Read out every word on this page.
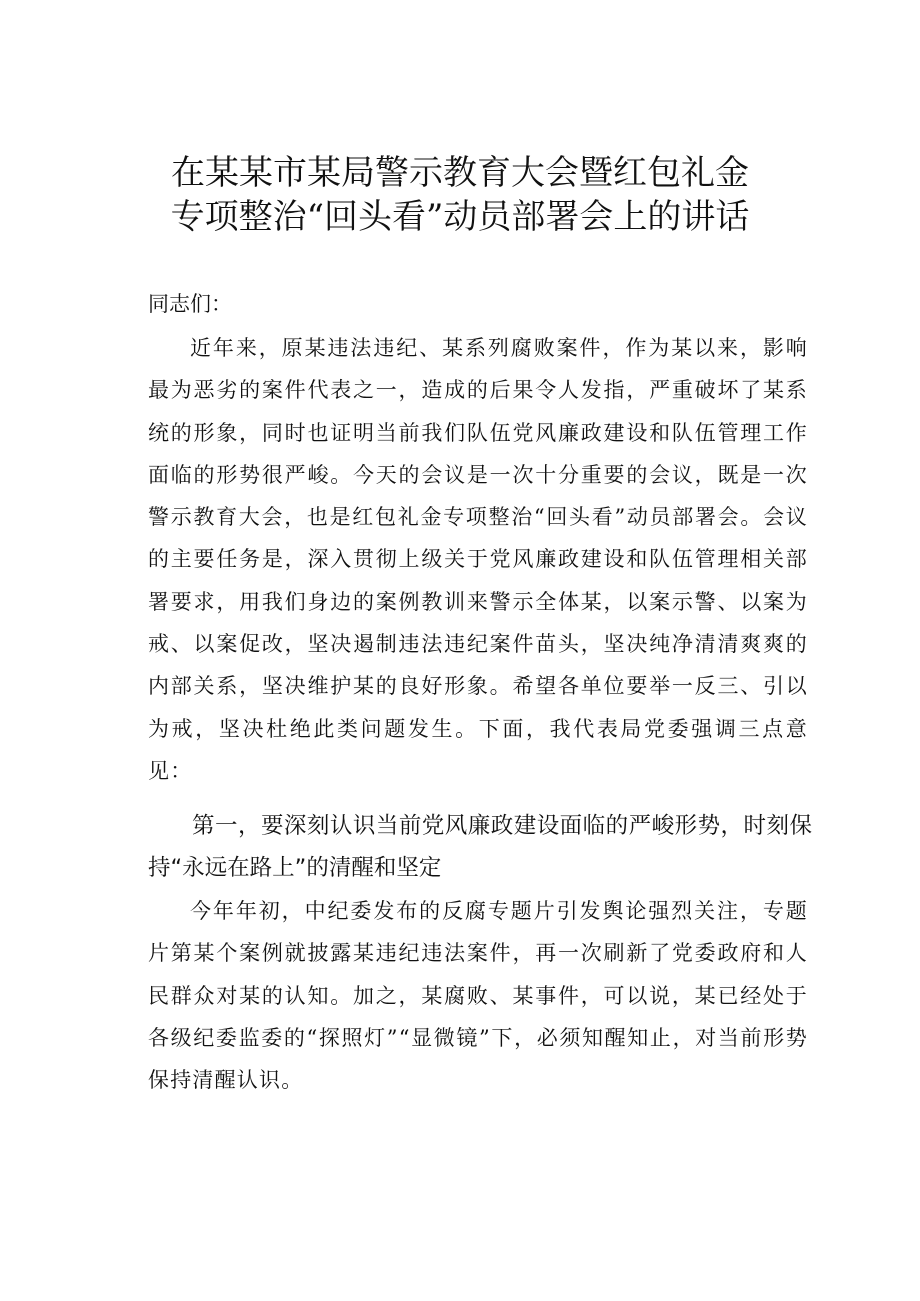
在某某市某局警示教育大会暨红包礼金
专项整治“回头看”动员部署会上的讲话
同志们：
近年来，原某违法违纪、某系列腐败案件，作为某以来，影响最为恶劣的案件代表之一，造成的后果令人发指，严重破坏了某系统的形象，同时也证明当前我们队伍党风廉政建设和队伍管理工作面临的形势很严峻。今天的会议是一次十分重要的会议，既是一次警示教育大会，也是红包礼金专项整治“回头看”动员部署会。会议的主要任务是，深入贯彻上级关于党风廉政建设和队伍管理相关部署要求，用我们身边的案例教训来警示全体某，以案示警、以案为戒、以案促改，坚决遏制违法违纪案件苗头，坚决纯净清清爽爽的内部关系，坚决维护某的良好形象。希望各单位要举一反三、引以为戒，坚决杜绝此类问题发生。下面，我代表局党委强调三点意见：
第一，要深刻认识当前党风廉政建设面临的严峻形势，时刻保持“永远在路上”的清醒和坚定
今年年初，中纪委发布的反腐专题片引发舆论强烈关注，专题片第某个案例就披露某违纪违法案件，再一次刷新了党委政府和人民群众对某的认知。加之，某腐败、某事件，可以说，某已经处于各级纪委监委的“探照灯”“显微镜”下，必须知醒知止，对当前形势保持清醒认识。
